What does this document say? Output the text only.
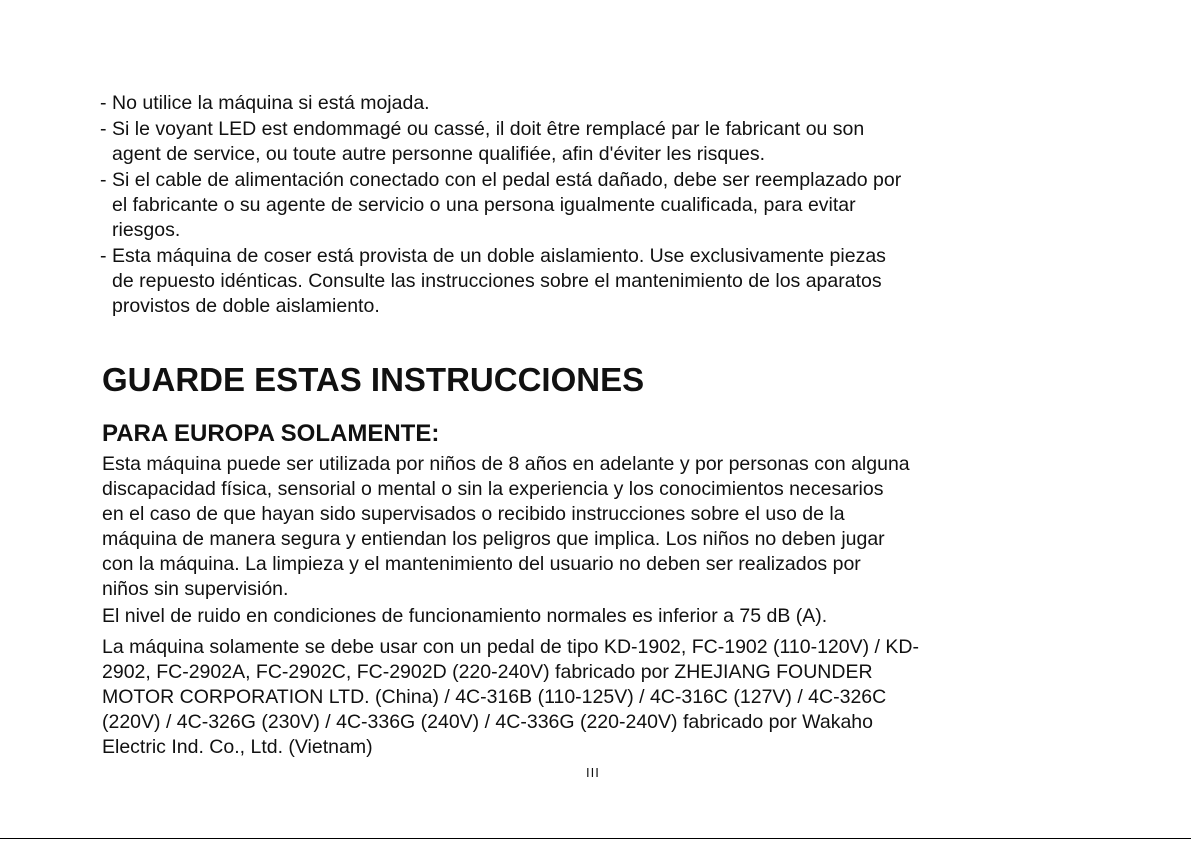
- No utilice la máquina si está mojada.
- Si le voyant LED est endommagé ou cassé, il doit être remplacé par le fabricant ou son
agent de service, ou toute autre personne qualifiée, afin d'éviter les risques.
- Si el cable de alimentación conectado con el pedal está dañado, debe ser reemplazado por
el fabricante o su agente de servicio o una persona igualmente cualificada, para evitar
riesgos.
- Esta máquina de coser está provista de un doble aislamiento. Use exclusivamente piezas
de repuesto idénticas. Consulte las instrucciones sobre el mantenimiento de los aparatos
provistos de doble aislamiento.
GUARDE ESTAS INSTRUCCIONES
PARA EUROPA SOLAMENTE:

Esta máquina puede ser utilizada por niños de 8 años en adelante y por personas con alguna
discapacidad física, sensorial o mental o sin la experiencia y los conocimientos necesarios
en el caso de que hayan sido supervisados o recibido instrucciones sobre el uso de la
máquina de manera segura y entiendan los peligros que implica. Los niños no deben jugar
con la máquina. La limpieza y el mantenimiento del usuario no deben ser realizados por
niños sin supervisión.

El nivel de ruido en condiciones de funcionamiento normales es inferior a 75 dB (A).

La máquina solamente se debe usar con un pedal de tipo KD-1902, FC-1902 (110-120V) / KD-
2902, FC-2902A, FC-2902C, FC-2902D (220-240V) fabricado por ZHEJIANG FOUNDER
MOTOR CORPORATION LTD. (China) / 4C-316B (110-125V) / 4C-316C (127V) / 4C-326C
(220V) / 4C-326G (230V) / 4C-336G (240V) / 4C-336G (220-240V) fabricado por Wakaho
Electric Ind. Co., Ltd. (Vietnam)

III
